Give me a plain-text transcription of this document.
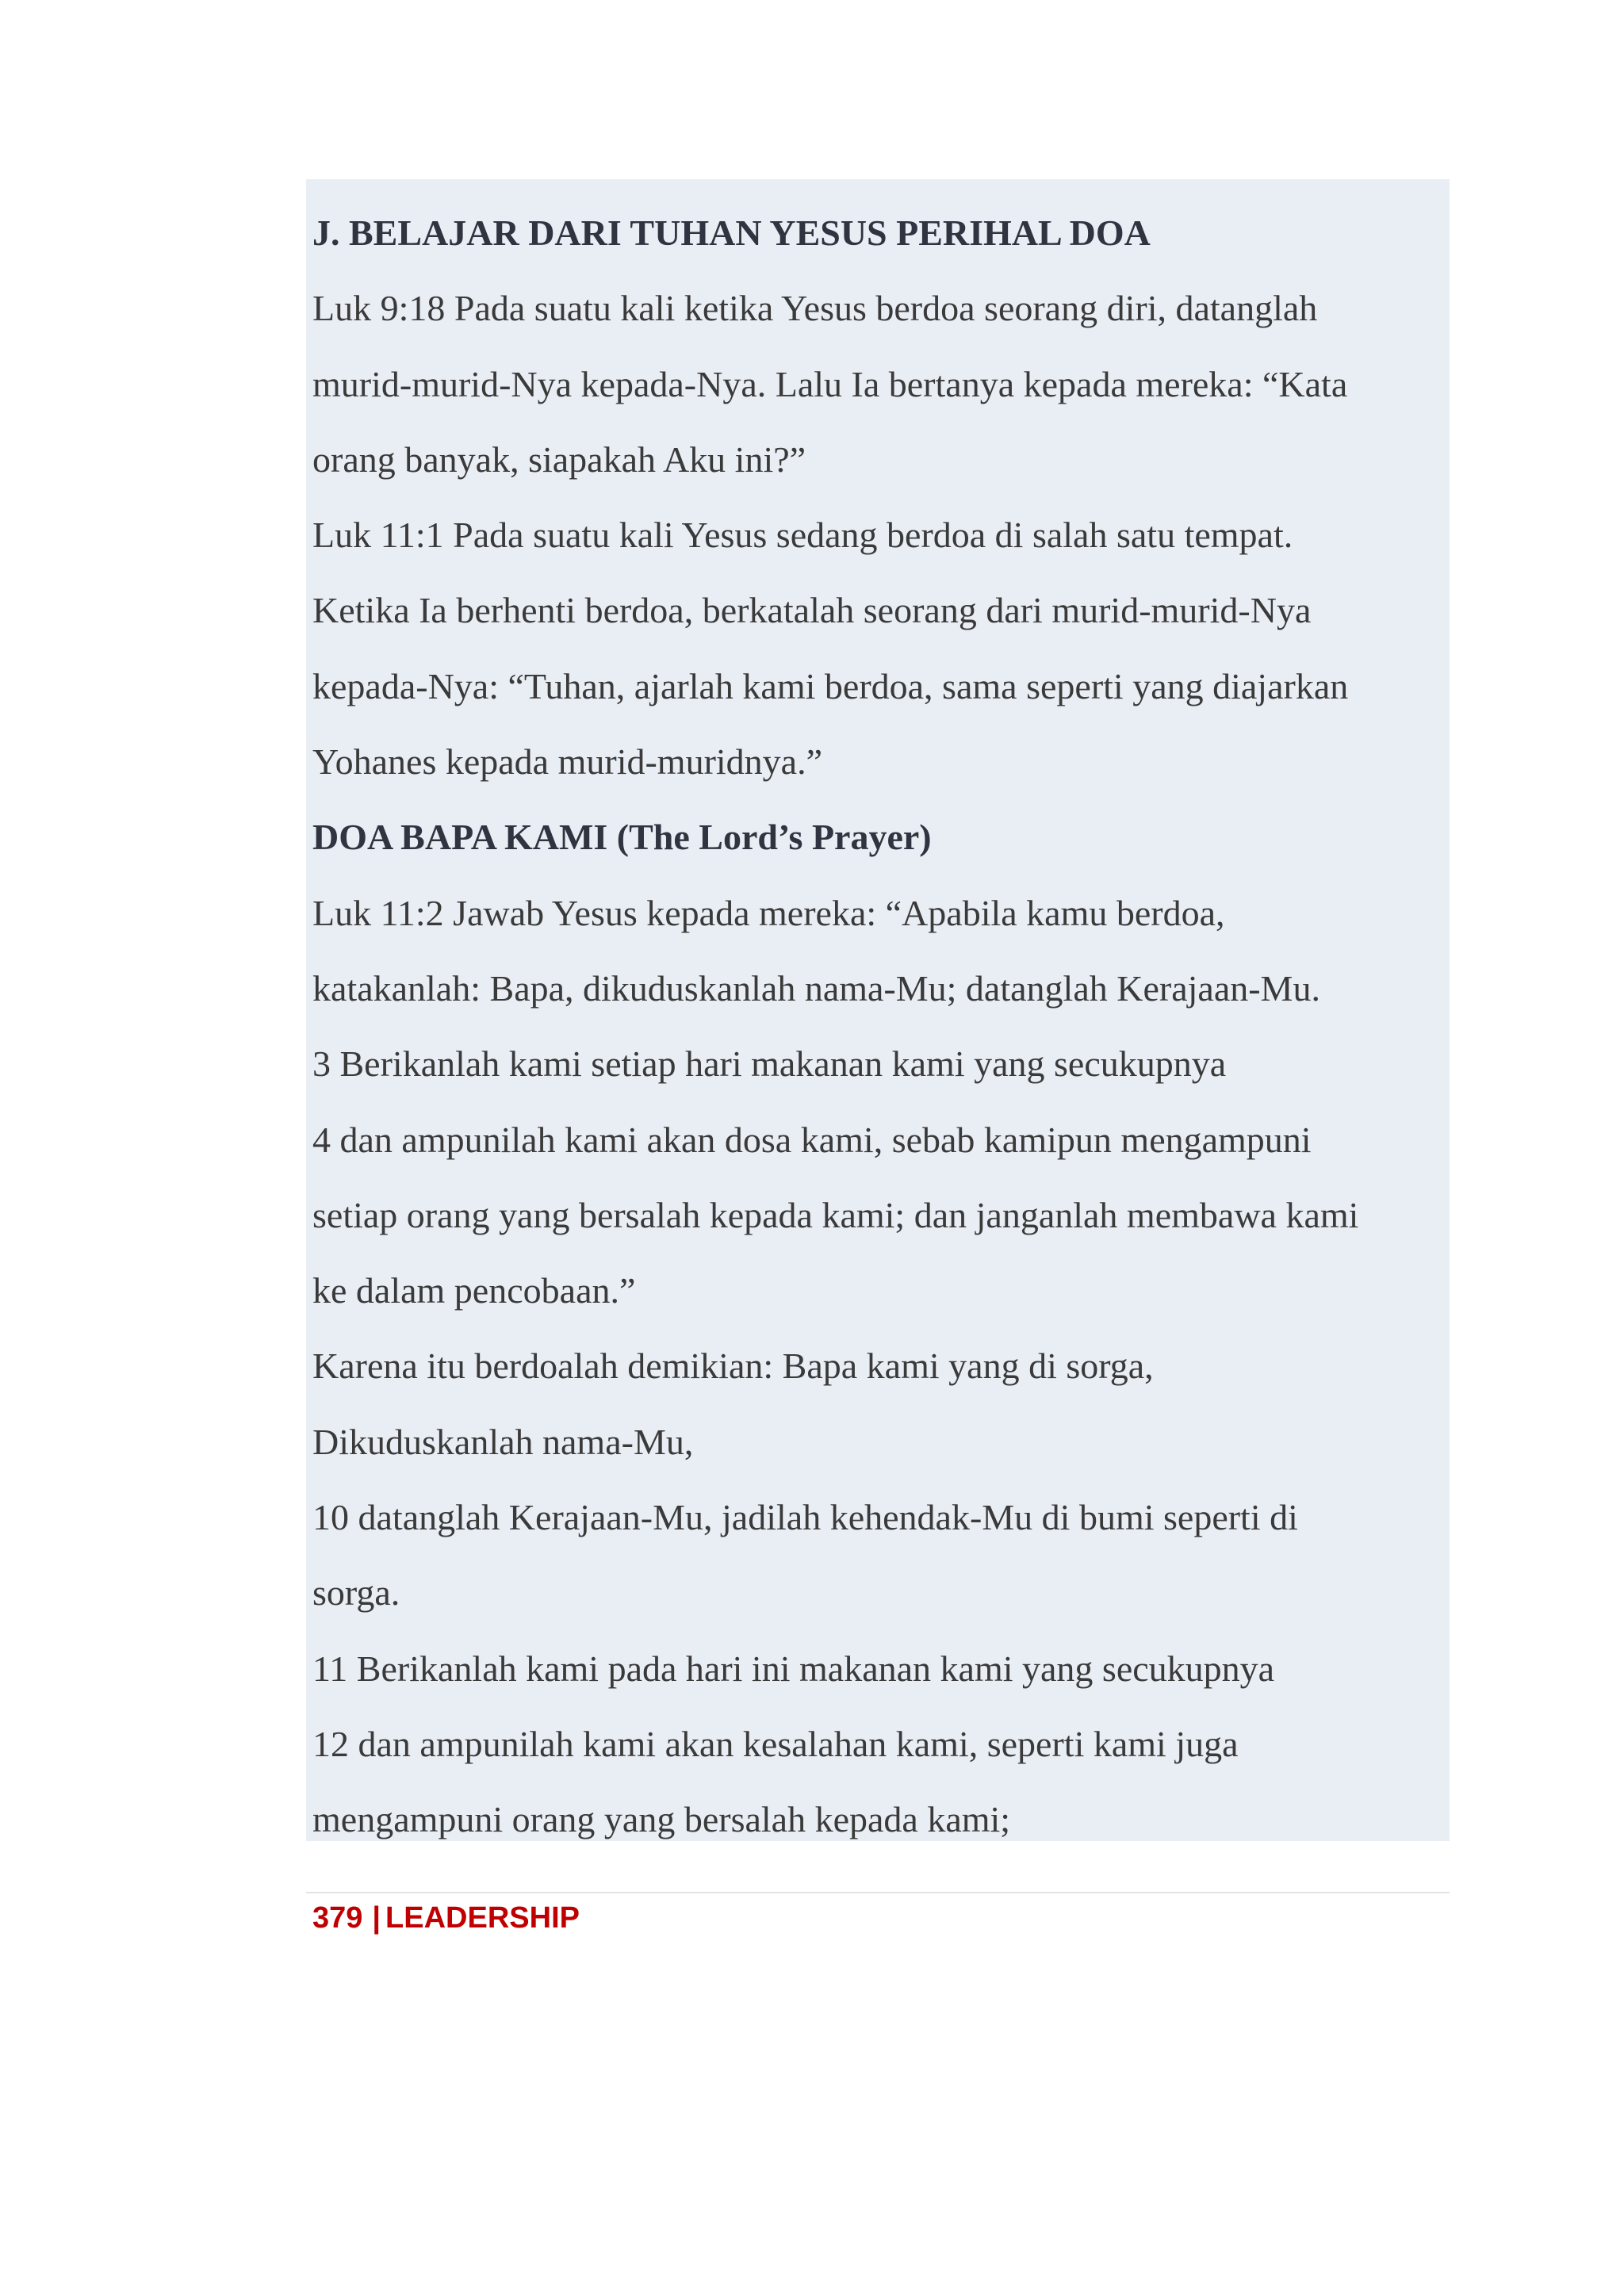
J. BELAJAR DARI TUHAN YESUS PERIHAL DOA
Luk 9:18 Pada suatu kali ketika Yesus berdoa seorang diri, datanglah
murid-murid-Nya kepada-Nya. Lalu Ia bertanya kepada mereka: “Kata
orang banyak, siapakah Aku ini?”
Luk 11:1 Pada suatu kali Yesus sedang berdoa di salah satu tempat.
Ketika Ia berhenti berdoa, berkatalah seorang dari murid-murid-Nya
kepada-Nya: “Tuhan, ajarlah kami berdoa, sama seperti yang diajarkan
Yohanes kepada murid-muridnya.”
DOA BAPA KAMI (The Lord’s Prayer)
Luk 11:2 Jawab Yesus kepada mereka: “Apabila kamu berdoa,
katakanlah: Bapa, dikuduskanlah nama-Mu; datanglah Kerajaan-Mu.
3 Berikanlah kami setiap hari makanan kami yang secukupnya
4 dan ampunilah kami akan dosa kami, sebab kamipun mengampuni
setiap orang yang bersalah kepada kami; dan janganlah membawa kami
ke dalam pencobaan.”
Karena itu berdoalah demikian: Bapa kami yang di sorga,
Dikuduskanlah nama-Mu,
10 datanglah Kerajaan-Mu, jadilah kehendak-Mu di bumi seperti di
sorga.
11 Berikanlah kami pada hari ini makanan kami yang secukupnya
12 dan ampunilah kami akan kesalahan kami, seperti kami juga
mengampuni orang yang bersalah kepada kami;
379 | LEADERSHIP
